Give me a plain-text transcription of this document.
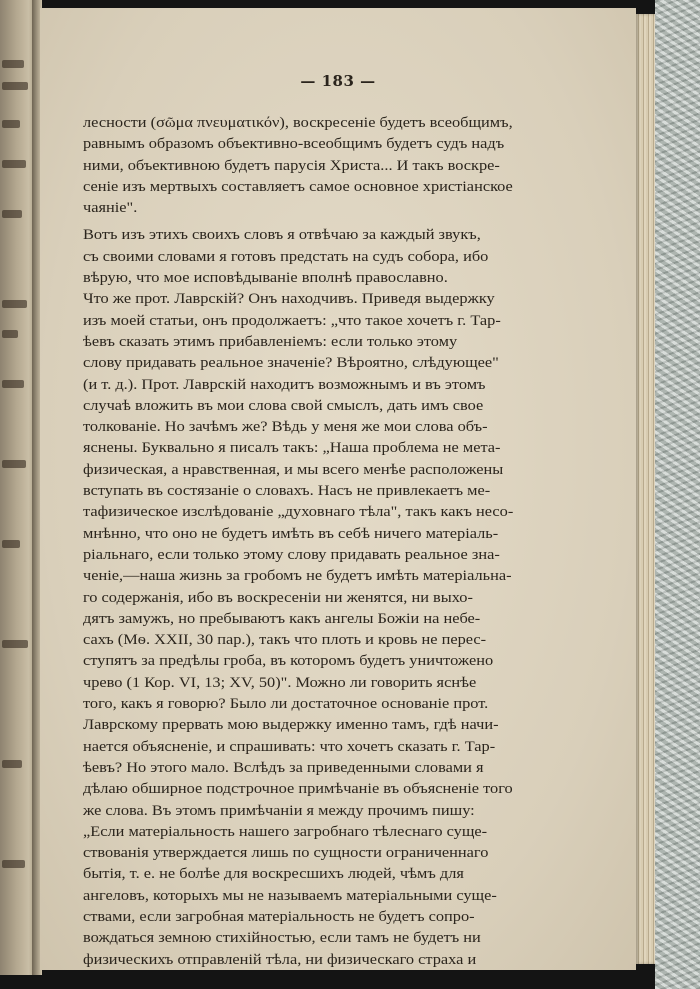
— 183 —
лесности (σῶμα πνευματικόν), воскресеніе будетъ всеобщимъ,
равнымъ образомъ объективно-всеобщимъ будетъ судъ надъ
ними, объективною будетъ парусія Христа... И такъ воскре-
сеніе изъ мертвыхъ составляетъ самое основное христіанское
чаяніе".
Вотъ изъ этихъ своихъ словъ я отвѣчаю за каждый звукъ,
съ своими словами я готовъ предстать на судъ собора, ибо
вѣрую, что мое исповѣдываніе вполнѣ православно.
Что же прот. Лаврскій? Онъ находчивъ. Приведя выдержку
изъ моей статьи, онъ продолжаетъ: „что такое хочетъ г. Тар-
ѣевъ сказать этимъ прибавленіемъ: если только этому
слову придавать реальное значеніе? Вѣроятно, слѣдующее"
(и т. д.). Прот. Лаврскій находитъ возможнымъ и въ этомъ
случаѣ вложить въ мои слова свой смыслъ, дать имъ свое
толкованіе. Но зачѣмъ же? Вѣдь у меня же мои слова объ-
яснены. Буквально я писалъ такъ: „Наша проблема не мета-
физическая, а нравственная, и мы всего менѣе расположены
вступать въ состязаніе о словахъ. Насъ не привлекаетъ ме-
тафизическое изслѣдованіе „духовнаго тѣла", такъ какъ несо-
мнѣнно, что оно не будетъ имѣть въ себѣ ничего матеріаль-
ріальнаго, если только этому слову придавать реальное зна-
ченіе,—наша жизнь за гробомъ не будетъ имѣть матеріальна-
го содержанія, ибо въ воскресеніи ни женятся, ни выхо-
дятъ замужъ, но пребываютъ какъ ангелы Божіи на небе-
сахъ (Мѳ. XXII, 30 пар.), такъ что плоть и кровь не перес-
ступятъ за предѣлы гроба, въ которомъ будетъ уничтожено
чрево (1 Кор. VI, 13; XV, 50)". Можно ли говорить яснѣе
того, какъ я говорю? Было ли достаточное основаніе прот.
Лаврскому прервать мою выдержку именно тамъ, гдѣ начи-
нается объясненіе, и спрашивать: что хочетъ сказать г. Тар-
ѣевъ? Но этого мало. Вслѣдъ за приведенными словами я
дѣлаю обширное подстрочное примѣчаніе въ объясненіе того
же слова. Въ этомъ примѣчаніи я между прочимъ пишу:
„Если матеріальность нашего загробнаго тѣлеснаго суще-
ствованія утверждается лишь по сущности ограниченнаго
бытія, т. е. не болѣе для воскресшихъ людей, чѣмъ для
ангеловъ, которыхъ мы не называемъ матеріальными суще-
ствами, если загробная матеріальность не будетъ сопро-
вождаться земною стихійностью, если тамъ не будетъ ни
физическихъ отправленій тѣла, ни физическаго страха и
